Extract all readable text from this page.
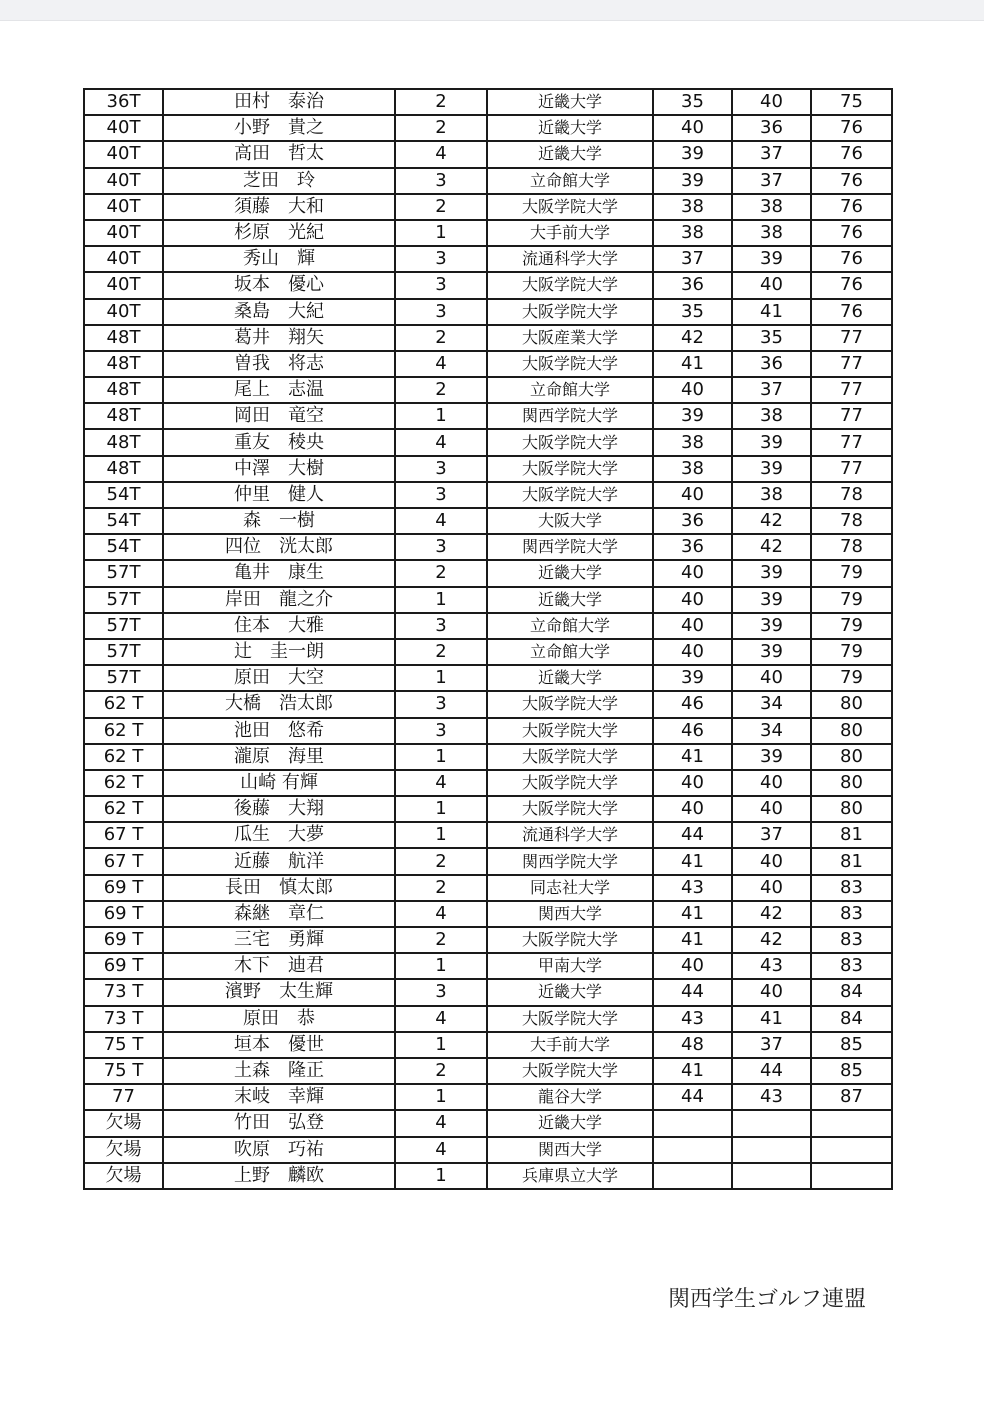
36T	田村　泰治	2	近畿大学	35	40	75
40T	小野　貴之	2	近畿大学	40	36	76
40T	高田　哲太	4	近畿大学	39	37	76
40T	芝田　玲	3	立命館大学	39	37	76
40T	須藤　大和	2	大阪学院大学	38	38	76
40T	杉原　光紀	1	大手前大学	38	38	76
40T	秀山　輝	3	流通科学大学	37	39	76
40T	坂本　優心	3	大阪学院大学	36	40	76
40T	桑島　大紀	3	大阪学院大学	35	41	76
48T	葛井　翔矢	2	大阪産業大学	42	35	77
48T	曽我　将志	4	大阪学院大学	41	36	77
48T	尾上　志温	2	立命館大学	40	37	77
48T	岡田　竜空	1	関西学院大学	39	38	77
48T	重友　稜央	4	大阪学院大学	38	39	77
48T	中澤　大樹	3	大阪学院大学	38	39	77
54T	仲里　健人	3	大阪学院大学	40	38	78
54T	森　一樹	4	大阪大学	36	42	78
54T	四位　洸太郎	3	関西学院大学	36	42	78
57T	亀井　康生	2	近畿大学	40	39	79
57T	岸田　龍之介	1	近畿大学	40	39	79
57T	住本　大雅	3	立命館大学	40	39	79
57T	辻　圭一朗	2	立命館大学	40	39	79
57T	原田　大空	1	近畿大学	39	40	79
62 T	大橋　浩太郎	3	大阪学院大学	46	34	80
62 T	池田　悠希	3	大阪学院大学	46	34	80
62 T	瀧原　海里	1	大阪学院大学	41	39	80
62 T	山崎 有輝	4	大阪学院大学	40	40	80
62 T	後藤　大翔	1	大阪学院大学	40	40	80
67 T	瓜生　大夢	1	流通科学大学	44	37	81
67 T	近藤　航洋	2	関西学院大学	41	40	81
69 T	長田　慎太郎	2	同志社大学	43	40	83
69 T	森継　章仁	4	関西大学	41	42	83
69 T	三宅　勇輝	2	大阪学院大学	41	42	83
69 T	木下　迪君	1	甲南大学	40	43	83
73 T	濱野　太生輝	3	近畿大学	44	40	84
73 T	原田　恭	4	大阪学院大学	43	41	84
75 T	垣本　優世	1	大手前大学	48	37	85
75 T	土森　隆正	2	大阪学院大学	41	44	85
77	末岐　幸輝	1	龍谷大学	44	43	87
欠場	竹田　弘登	4	近畿大学			
欠場	吹原　巧祐	4	関西大学			
欠場	上野　麟欧	1	兵庫県立大学			
関西学生ゴルフ連盟
